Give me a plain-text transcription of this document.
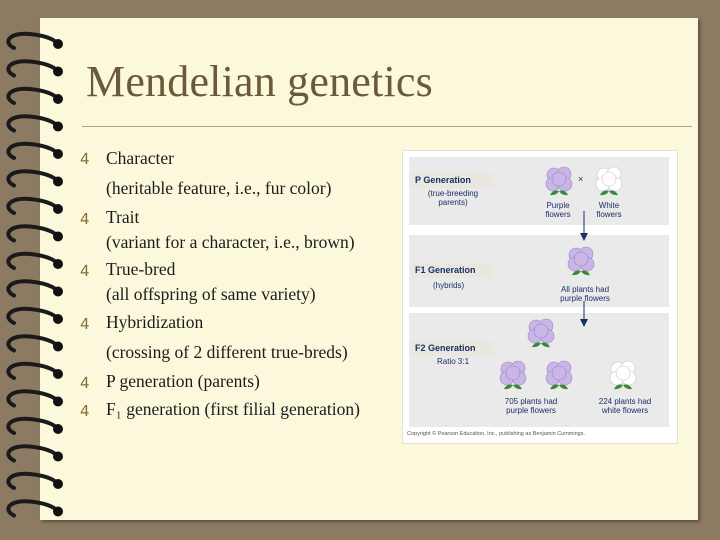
Mendelian genetics
4 Character
(heritable feature, i.e., fur color)
4 Trait
(variant for a character, i.e., brown)
4 True-bred
(all offspring of same variety)
4 Hybridization
(crossing of 2 different true-breds)
4 P generation (parents)
4 F₁ generation (first filial generation)
P Generation
(true-breeding parents)
×
Purple flowers
White flowers
F1 Generation
(hybrids)	All plants had purple flowers
F2 Generation
Ratio 3:1
705 plants had purple flowers
224 plants had white flowers
Copyright © Pearson Education, Inc., publishing as Benjamin Cummings.
